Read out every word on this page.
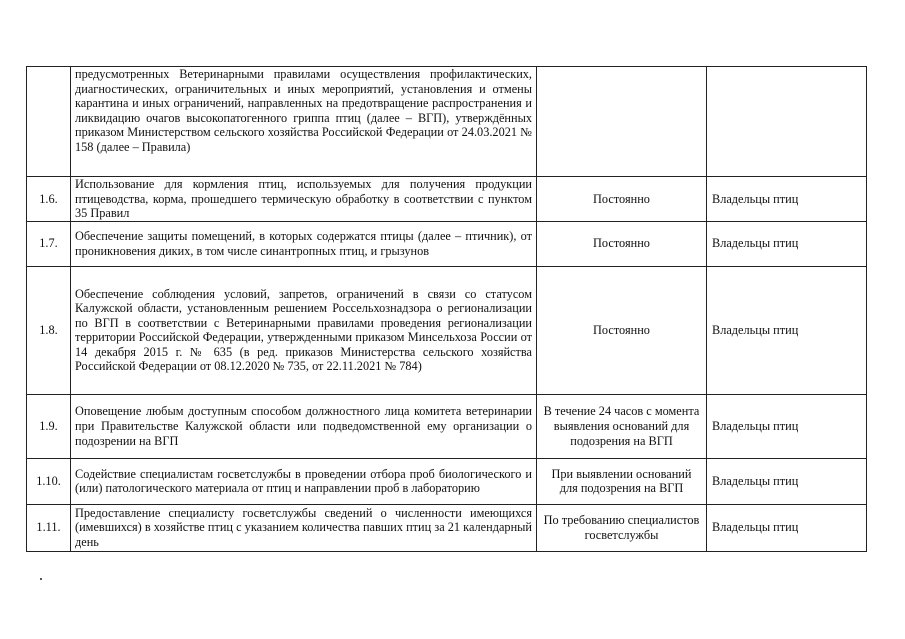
	предусмотренных Ветеринарными правилами осуществления профилактических, диагностических, ограничительных и иных мероприятий, установления и отмены карантина и иных ограничений, направленных на предотвращение распространения и ликвидацию очагов высокопатогенного гриппа птиц (далее – ВГП), утверждённых приказом Министерством сельского хозяйства Российской Федерации от 24.03.2021 № 158 (далее – Правила)		
1.6.	Использование для кормления птиц, используемых для получения продукции птицеводства, корма, прошедшего термическую обработку в соответствии с пунктом 35 Правил	Постоянно	Владельцы птиц
1.7.	Обеспечение защиты помещений, в которых содержатся птицы (далее – птичник), от проникновения диких, в том числе синантропных птиц, и грызунов	Постоянно	Владельцы птиц
1.8.	Обеспечение соблюдения условий, запретов, ограничений в связи со статусом Калужской области, установленным решением Россельхознадзора о регионализации по ВГП в соответствии с Ветеринарными правилами проведения регионализации территории Российской Федерации, утвержденными приказом Минсельхоза России от 14 декабря 2015 г. № 635 (в ред. приказов Министерства сельского хозяйства Российской Федерации от 08.12.2020 № 735, от 22.11.2021 № 784)	Постоянно	Владельцы птиц
1.9.	Оповещение любым доступным способом должностного лица комитета ветеринарии при Правительстве Калужской области или подведомственной ему организации о подозрении на ВГП	В течение 24 часов с момента выявления оснований для подозрения на ВГП	Владельцы птиц
1.10.	Содействие специалистам госветслужбы в проведении отбора проб биологического и (или) патологического материала от птиц и направлении проб в лабораторию	При выявлении оснований для подозрения на ВГП	Владельцы птиц
1.11.	Предоставление специалисту госветслужбы сведений о численности имеющихся (имевшихся) в хозяйстве птиц с указанием количества павших птиц за 21 календарный день	По требованию специалистов госветслужбы	Владельцы птиц
